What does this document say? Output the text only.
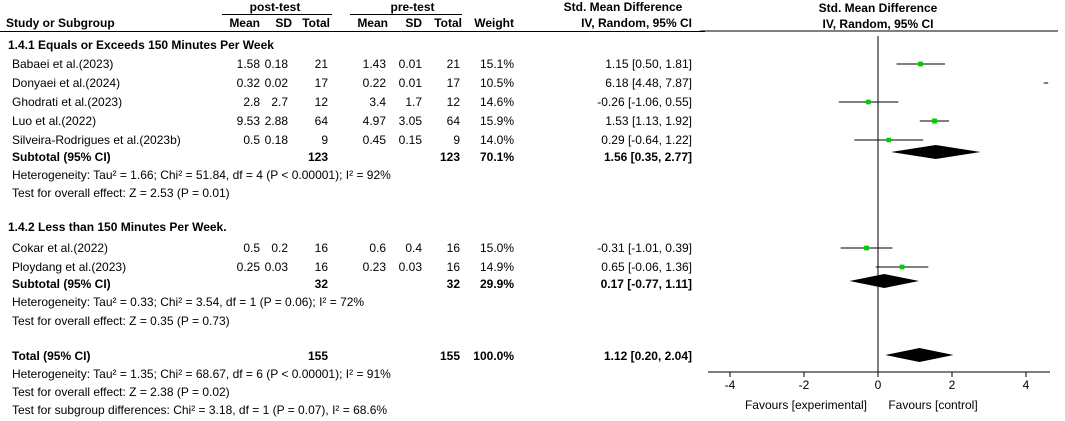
post-test	pre-test	Std. Mean Difference
Study or Subgroup	Mean	SD Total	Mean	SD	Total	Weight	IV, Random, 95% CI
1.4.1 Equals or Exceeds 150 Minutes Per Week
Babaei et al.(2023)	1.58 0.18	21	1.43	0.01	21	15.1%	1.15 [0.50, 1.81]
Donyaei et al.(2024)	0.32 0.02	17	0.22	0.01	17	10.5%	6.18 [4.48, 7.87]
Ghodrati et al.(2023)	2.8 2.7	12	3.4	1.7	12	14.6%	-0.26 [-1.06, 0.55]
Luo et al.(2022)	9.53 2.88	64	4.97	3.05	64	15.9%	1.53 [1.13, 1.92]
Silveira-Rodrigues et al.(2023b)	0.5 0.18	9	0.45	0.15	9	14.0%	0.29 [-0.64, 1.22]
Subtotal (95% CI)	123	123	70.1%	1.56 [0.35, 2.77]
Heterogeneity: Tau² = 1.66; Chi² = 51.84, df = 4 (P < 0.00001); I² = 92%
Test for overall effect: Z = 2.53 (P = 0.01)
1.4.2 Less than 150 Minutes Per Week.
Cokar et al.(2022)	0.5 0.2	16	0.6	0.4	16	15.0%	-0.31 [-1.01, 0.39]
Ploydang et al.(2023)	0.25 0.03	16	0.23	0.03	16	14.9%	0.65 [-0.06, 1.36]
Subtotal (95% CI)	32	32	29.9%	0.17 [-0.77, 1.11]
Heterogeneity: Tau² = 0.33; Chi² = 3.54, df = 1 (P = 0.06); I² = 72%
Test for overall effect: Z = 0.35 (P = 0.73)
Total (95% CI)	155	155	100.0%	1.12 [0.20, 2.04]
Heterogeneity: Tau² = 1.35; Chi² = 68.67, df = 6 (P < 0.00001); I² = 91%
Test for overall effect: Z = 2.38 (P = 0.02)
Test for subgroup differences: Chi² = 3.18, df = 1 (P = 0.07), I² = 68.6%
Std. Mean Difference
IV, Random, 95% CI
-4	-2	0	2	4
Favours [experimental] Favours [control]
